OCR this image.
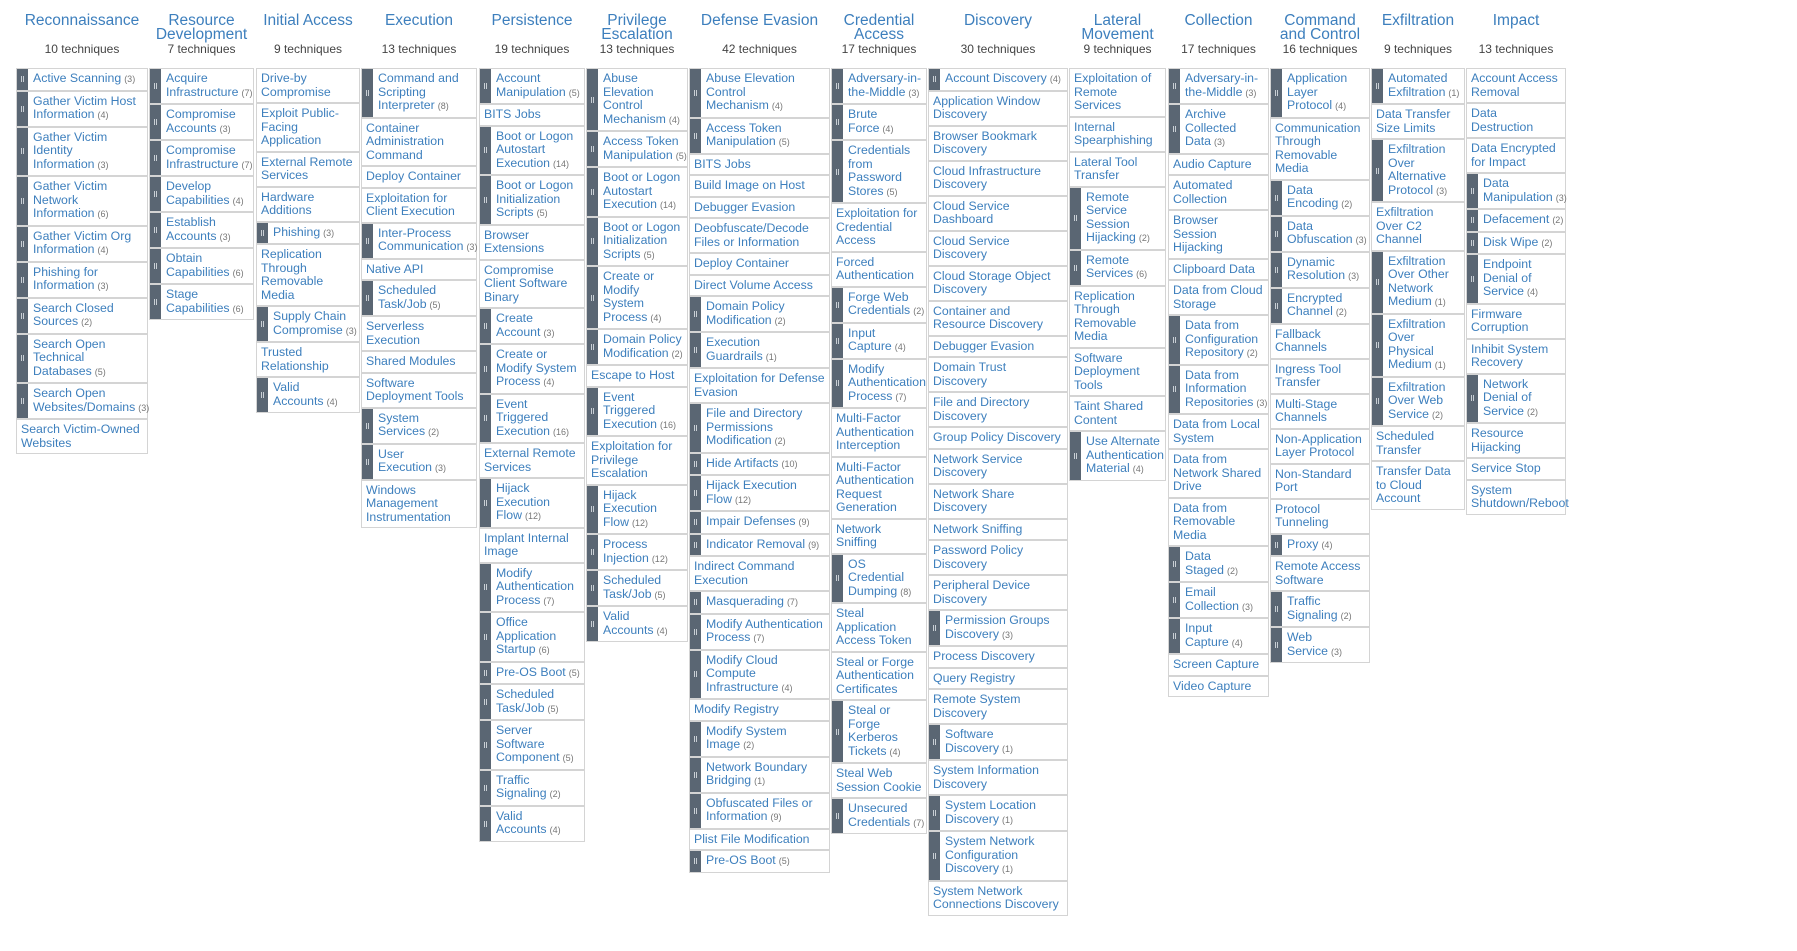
Reconnaissance
10 techniques
Active Scanning (3)
Gather Victim Host Information (4)
Gather Victim Identity Information (3)
Gather Victim Network Information (6)
Gather Victim Org Information (4)
Phishing for Information (3)
Search Closed Sources (2)
Search Open Technical Databases (5)
Search Open Websites/Domains (3)
Search Victim-Owned Websites
Resource Development
7 techniques
Acquire Infrastructure (7)
Compromise Accounts (3)
Compromise Infrastructure (7)
Develop Capabilities (4)
Establish Accounts (3)
Obtain Capabilities (6)
Stage Capabilities (6)
Initial Access
9 techniques
Drive-by Compromise
Exploit Public-Facing Application
External Remote Services
Hardware Additions
Phishing (3)
Replication Through Removable Media
Supply Chain Compromise (3)
Trusted Relationship
Valid Accounts (4)
Execution
13 techniques
Command and Scripting Interpreter (8)
Container Administration Command
Deploy Container
Exploitation for Client Execution
Inter-Process Communication (3)
Native API
Scheduled Task/Job (5)
Serverless Execution
Shared Modules
Software Deployment Tools
System Services (2)
User Execution (3)
Windows Management Instrumentation
Persistence
19 techniques
Account Manipulation (5)
BITS Jobs
Boot or Logon Autostart Execution (14)
Boot or Logon Initialization Scripts (5)
Browser Extensions
Compromise Client Software Binary
Create Account (3)
Create or Modify System Process (4)
Event Triggered Execution (16)
External Remote Services
Hijack Execution Flow (12)
Implant Internal Image
Modify Authentication Process (7)
Office Application Startup (6)
Pre-OS Boot (5)
Scheduled Task/Job (5)
Server Software Component (5)
Traffic Signaling (2)
Valid Accounts (4)
Privilege Escalation
13 techniques
Abuse Elevation Control Mechanism (4)
Access Token Manipulation (5)
Boot or Logon Autostart Execution (14)
Boot or Logon Initialization Scripts (5)
Create or Modify System Process (4)
Domain Policy Modification (2)
Escape to Host
Event Triggered Execution (16)
Exploitation for Privilege Escalation
Hijack Execution Flow (12)
Process Injection (12)
Scheduled Task/Job (5)
Valid Accounts (4)
Defense Evasion
42 techniques
Abuse Elevation Control Mechanism (4)
Access Token Manipulation (5)
BITS Jobs
Build Image on Host
Debugger Evasion
Deobfuscate/Decode Files or Information
Deploy Container
Direct Volume Access
Domain Policy Modification (2)
Execution Guardrails (1)
Exploitation for Defense Evasion
File and Directory Permissions Modification (2)
Hide Artifacts (10)
Hijack Execution Flow (12)
Impair Defenses (9)
Indicator Removal (9)
Indirect Command Execution
Masquerading (7)
Modify Authentication Process (7)
Modify Cloud Compute Infrastructure (4)
Modify Registry
Modify System Image (2)
Network Boundary Bridging (1)
Obfuscated Files or Information (9)
Plist File Modification
Pre-OS Boot (5)
Credential Access
17 techniques
Adversary-in-the-Middle (3)
Brute Force (4)
Credentials from Password Stores (5)
Exploitation for Credential Access
Forced Authentication
Forge Web Credentials (2)
Input Capture (4)
Modify Authentication Process (7)
Multi-Factor Authentication Interception
Multi-Factor Authentication Request Generation
Network Sniffing
OS Credential Dumping (8)
Steal Application Access Token
Steal or Forge Authentication Certificates
Steal or Forge Kerberos Tickets (4)
Steal Web Session Cookie
Unsecured Credentials (7)
Discovery
30 techniques
Account Discovery (4)
Application Window Discovery
Browser Bookmark Discovery
Cloud Infrastructure Discovery
Cloud Service Dashboard
Cloud Service Discovery
Cloud Storage Object Discovery
Container and Resource Discovery
Debugger Evasion
Domain Trust Discovery
File and Directory Discovery
Group Policy Discovery
Network Service Discovery
Network Share Discovery
Network Sniffing
Password Policy Discovery
Peripheral Device Discovery
Permission Groups Discovery (3)
Process Discovery
Query Registry
Remote System Discovery
Software Discovery (1)
System Information Discovery
System Location Discovery (1)
System Network Configuration Discovery (1)
System Network Connections Discovery
Lateral Movement
9 techniques
Exploitation of Remote Services
Internal Spearphishing
Lateral Tool Transfer
Remote Service Session Hijacking (2)
Remote Services (6)
Replication Through Removable Media
Software Deployment Tools
Taint Shared Content
Use Alternate Authentication Material (4)
Collection
17 techniques
Adversary-in-the-Middle (3)
Archive Collected Data (3)
Audio Capture
Automated Collection
Browser Session Hijacking
Clipboard Data
Data from Cloud Storage
Data from Configuration Repository (2)
Data from Information Repositories (3)
Data from Local System
Data from Network Shared Drive
Data from Removable Media
Data Staged (2)
Email Collection (3)
Input Capture (4)
Screen Capture
Video Capture
Command and Control
16 techniques
Application Layer Protocol (4)
Communication Through Removable Media
Data Encoding (2)
Data Obfuscation (3)
Dynamic Resolution (3)
Encrypted Channel (2)
Fallback Channels
Ingress Tool Transfer
Multi-Stage Channels
Non-Application Layer Protocol
Non-Standard Port
Protocol Tunneling
Proxy (4)
Remote Access Software
Traffic Signaling (2)
Web Service (3)
Exfiltration
9 techniques
Automated Exfiltration (1)
Data Transfer Size Limits
Exfiltration Over Alternative Protocol (3)
Exfiltration Over C2 Channel
Exfiltration Over Other Network Medium (1)
Exfiltration Over Physical Medium (1)
Exfiltration Over Web Service (2)
Scheduled Transfer
Transfer Data to Cloud Account
Impact
13 techniques
Account Access Removal
Data Destruction
Data Encrypted for Impact
Data Manipulation (3)
Defacement (2)
Disk Wipe (2)
Endpoint Denial of Service (4)
Firmware Corruption
Inhibit System Recovery
Network Denial of Service (2)
Resource Hijacking
Service Stop
System Shutdown/Reboot
